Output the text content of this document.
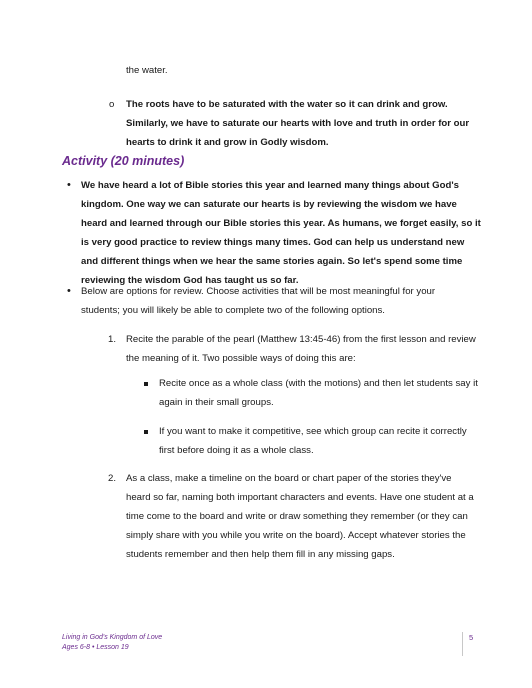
the water.

o The roots have to be saturated with the water so it can drink and grow. Similarly, we have to saturate our hearts with love and truth in order for our hearts to drink it and grow in Godly wisdom.

Activity (20 minutes)
• We have heard a lot of Bible stories this year and learned many things about God's kingdom. One way we can saturate our hearts is by reviewing the wisdom we have heard and learned through our Bible stories this year. As humans, we forget easily, so it is very good practice to review things many times. God can help us understand new and different things when we hear the same stories again. So let's spend some time reviewing the wisdom God has taught us so far.

• Below are options for review. Choose activities that will be most meaningful for your students; you will likely be able to complete two of the following options.

1. Recite the parable of the pearl (Matthew 13:45-46) from the first lesson and review the meaning of it. Two possible ways of doing this are:

Recite once as a whole class (with the motions) and then let students say it again in their small groups.

If you want to make it competitive, see which group can recite it correctly first before doing it as a whole class.

2. As a class, make a timeline on the board or chart paper of the stories they've heard so far, naming both important characters and events. Have one student at a time come to the board and write or draw something they remember (or they can simply share with you while you write on the board). Accept whatever stories the students remember and then help them fill in any missing gaps.

Living in God's Kingdom of Love
Ages 6-8 • Lesson 19
5
